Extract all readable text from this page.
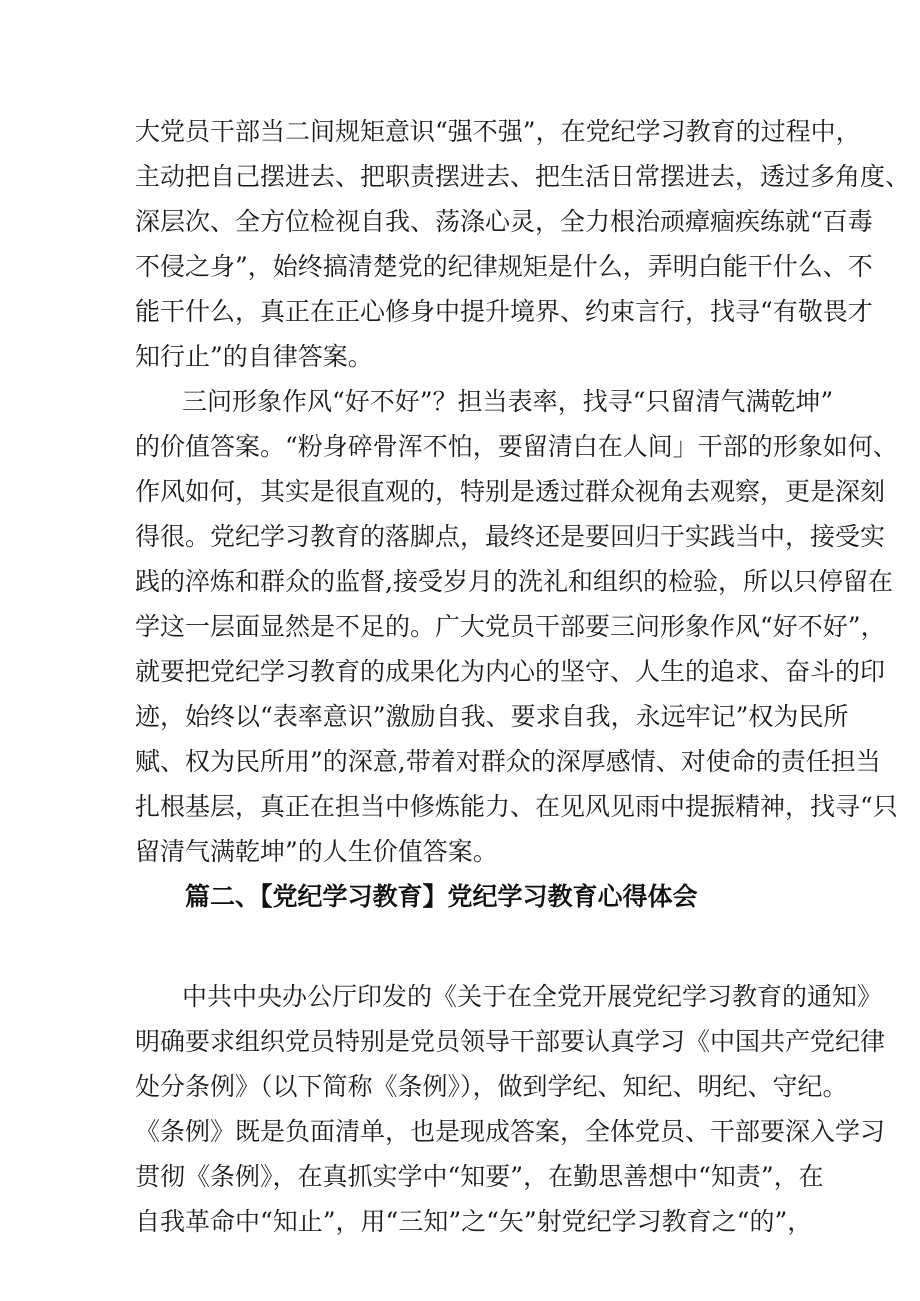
大党员干部当二间规矩意识“强不强”，在党纪学习教育的过程中，
主动把自己摆进去、把职责摆进去、把生活日常摆进去，透过多角度、
深层次、全方位检视自我、荡涤心灵，全力根治顽瘴痼疾练就“百毒
不侵之身”，始终搞清楚党的纪律规矩是什么，弄明白能干什么、不
能干什么，真正在正心修身中提升境界、约束言行，找寻“有敬畏才
知行止”的自律答案。
三问形象作风“好不好”？担当表率，找寻“只留清气满乾坤”
的价值答案。“粉身碎骨浑不怕，要留清白在人间」干部的形象如何、
作风如何，其实是很直观的，特别是透过群众视角去观察，更是深刻
得很。党纪学习教育的落脚点，最终还是要回归于实践当中，接受实
践的淬炼和群众的监督,接受岁月的洗礼和组织的检验，所以只停留在
学这一层面显然是不足的。广大党员干部要三问形象作风“好不好”，
就要把党纪学习教育的成果化为内心的坚守、人生的追求、奋斗的印
迹，始终以“表率意识”激励自我、要求自我，永远牢记”权为民所
赋、权为民所用”的深意,带着对群众的深厚感情、对使命的责任担当
扎根基层，真正在担当中修炼能力、在见风见雨中提振精神，找寻“只
留清气满乾坤”的人生价值答案。
篇二、【党纪学习教育】党纪学习教育心得体会
中共中央办公厅印发的《关于在全党开展党纪学习教育的通知》
明确要求组织党员特别是党员领导干部要认真学习《中国共产党纪律
处分条例》（以下简称《条例》），做到学纪、知纪、明纪、守纪。
《条例》既是负面清单，也是现成答案，全体党员、干部要深入学习
贯彻《条例》，在真抓实学中“知要”，在勤思善想中“知责”，在
自我革命中“知止”，用“三知”之“矢”射党纪学习教育之“的”，
